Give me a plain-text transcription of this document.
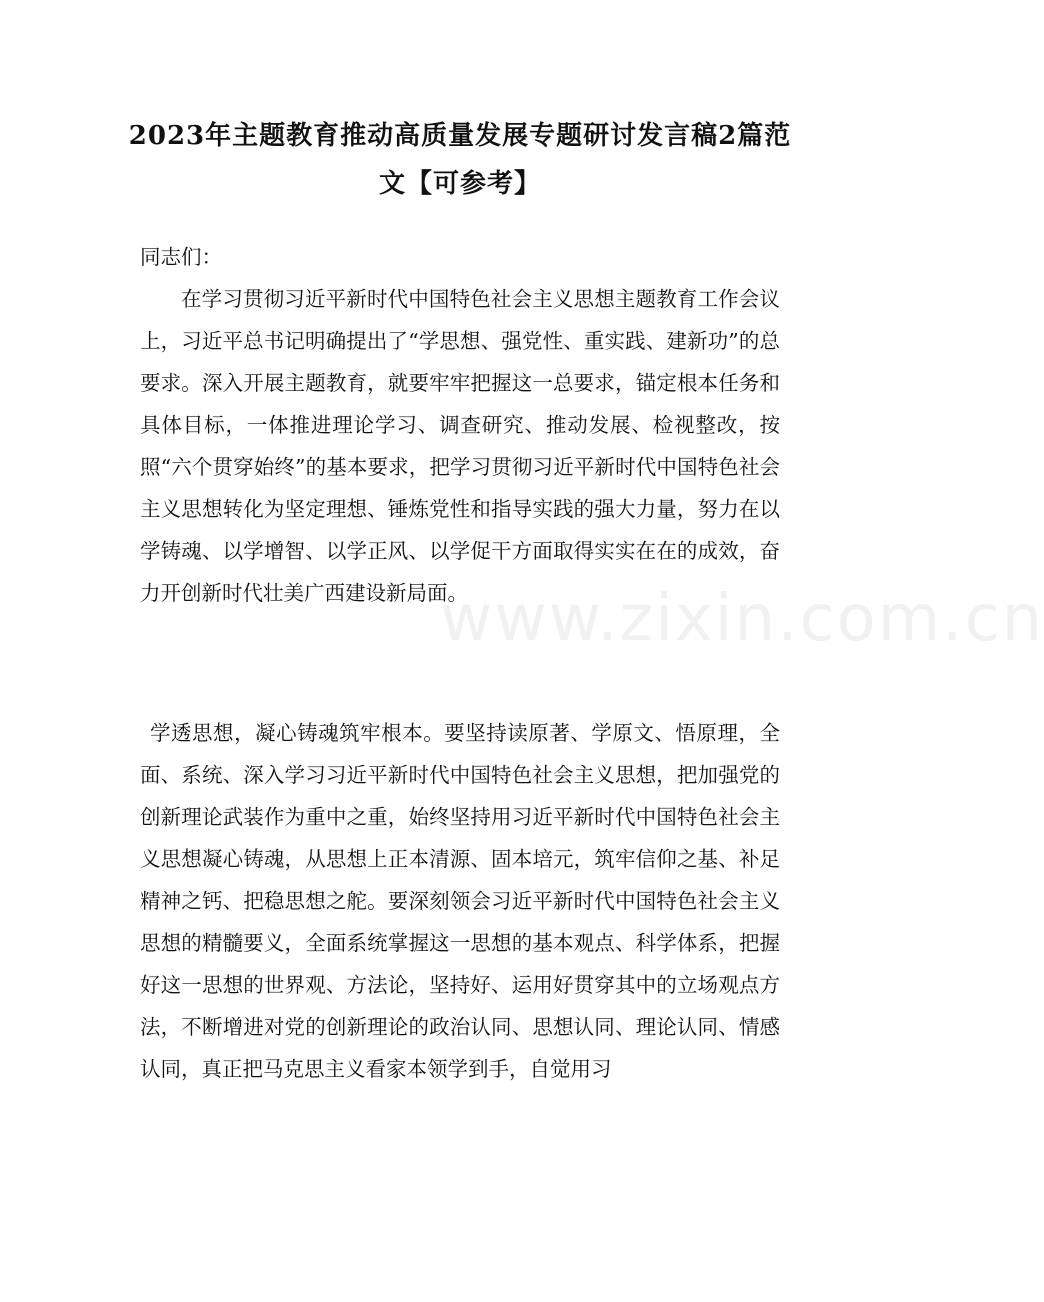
2023年主题教育推动高质量发展专题研讨发言稿2篇范文【可参考】
同志们：
在学习贯彻习近平新时代中国特色社会主义思想主题教育工作会议上，习近平总书记明确提出了“学思想、强党性、重实践、建新功”的总要求。深入开展主题教育，就要牢牢把握这一总要求，锚定根本任务和具体目标，一体推进理论学习、调查研究、推动发展、检视整改，按照“六个贯穿始终”的基本要求，把学习贯彻习近平新时代中国特色社会主义思想转化为坚定理想、锤炼党性和指导实践的强大力量，努力在以学铸魂、以学增智、以学正风、以学促干方面取得实实在在的成效，奋力开创新时代壮美广西建设新局面。
学透思想，凝心铸魂筑牢根本。要坚持读原著、学原文、悟原理，全面、系统、深入学习习近平新时代中国特色社会主义思想，把加强党的创新理论武装作为重中之重，始终坚持用习近平新时代中国特色社会主义思想凝心铸魂，从思想上正本清源、固本培元，筑牢信仰之基、补足精神之钙、把稳思想之舵。要深刻领会习近平新时代中国特色社会主义思想的精髓要义，全面系统掌握这一思想的基本观点、科学体系，把握好这一思想的世界观、方法论，坚持好、运用好贯穿其中的立场观点方法，不断增进对党的创新理论的政治认同、思想认同、理论认同、情感认同，真正把马克思主义看家本领学到手，自觉用习
www.zixin.com.cn
